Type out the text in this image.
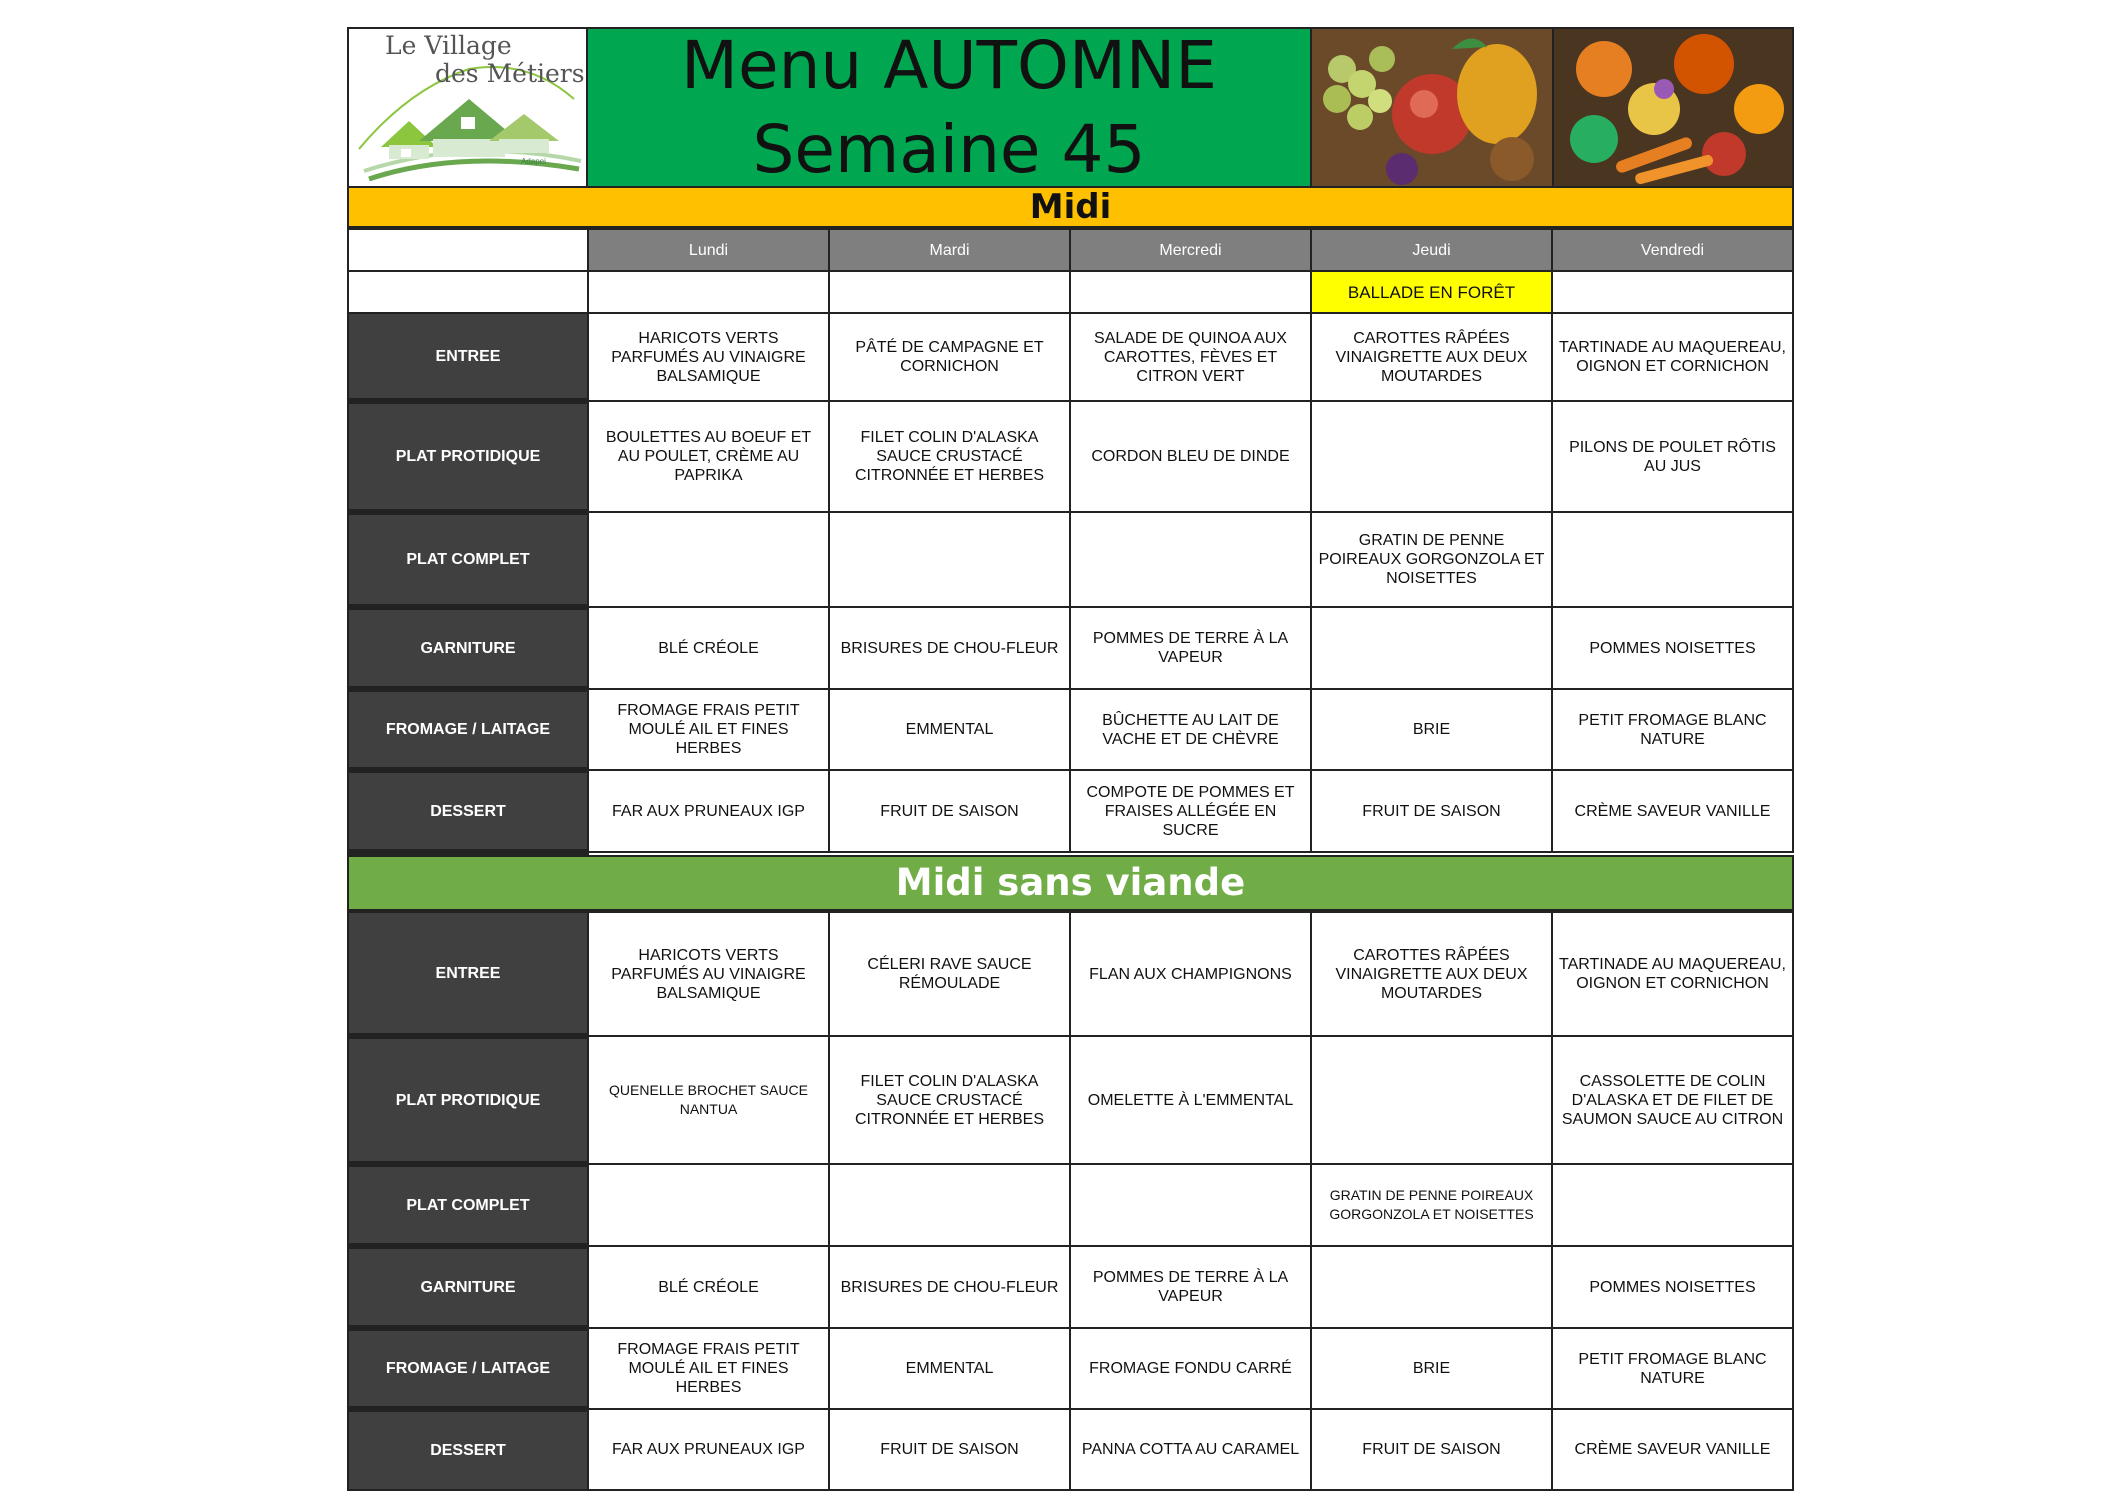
Le Village
des Métiers
Adapei
Menu AUTOMNE
Semaine 45
Midi
	Lundi	Mardi	Mercredi	Jeudi	Vendredi
				BALLADE EN FORÊT	
ENTREE	HARICOTS VERTS PARFUMÉS AU VINAIGRE BALSAMIQUE	PÂTÉ DE CAMPAGNE ET CORNICHON	SALADE DE QUINOA AUX CAROTTES, FÈVES ET CITRON VERT	CAROTTES RÂPÉES VINAIGRETTE AUX DEUX MOUTARDES	TARTINADE AU MAQUEREAU, OIGNON ET CORNICHON
PLAT PROTIDIQUE	BOULETTES AU BOEUF ET AU POULET, CRÈME AU PAPRIKA	FILET COLIN D'ALASKA SAUCE CRUSTACÉ CITRONNÉE ET HERBES	CORDON BLEU DE DINDE		PILONS DE POULET RÔTIS AU JUS
PLAT COMPLET				GRATIN DE PENNE POIREAUX GORGONZOLA ET NOISETTES	
GARNITURE	BLÉ CRÉOLE	BRISURES DE CHOU-FLEUR	POMMES DE TERRE À LA VAPEUR		POMMES NOISETTES
FROMAGE / LAITAGE	FROMAGE FRAIS PETIT MOULÉ AIL ET FINES HERBES	EMMENTAL	BÛCHETTE AU LAIT DE VACHE ET DE CHÈVRE	BRIE	PETIT FROMAGE BLANC NATURE
DESSERT	FAR AUX PRUNEAUX IGP	FRUIT DE SAISON	COMPOTE DE POMMES ET FRAISES ALLÉGÉE EN SUCRE	FRUIT DE SAISON	CRÈME SAVEUR VANILLE
Midi sans viande
ENTREE	HARICOTS VERTS PARFUMÉS AU VINAIGRE BALSAMIQUE	CÉLERI RAVE SAUCE RÉMOULADE	FLAN AUX CHAMPIGNONS	CAROTTES RÂPÉES VINAIGRETTE AUX DEUX MOUTARDES	TARTINADE AU MAQUEREAU, OIGNON ET CORNICHON
PLAT PROTIDIQUE	QUENELLE BROCHET SAUCE NANTUA	FILET COLIN D'ALASKA SAUCE CRUSTACÉ CITRONNÉE ET HERBES	OMELETTE À L'EMMENTAL		CASSOLETTE DE COLIN D'ALASKA ET DE FILET DE SAUMON SAUCE AU CITRON
PLAT COMPLET				GRATIN DE PENNE POIREAUX GORGONZOLA ET NOISETTES	
GARNITURE	BLÉ CRÉOLE	BRISURES DE CHOU-FLEUR	POMMES DE TERRE À LA VAPEUR		POMMES NOISETTES
FROMAGE / LAITAGE	FROMAGE FRAIS PETIT MOULÉ AIL ET FINES HERBES	EMMENTAL	FROMAGE FONDU CARRÉ	BRIE	PETIT FROMAGE BLANC NATURE
DESSERT	FAR AUX PRUNEAUX IGP	FRUIT DE SAISON	PANNA COTTA AU CARAMEL	FRUIT DE SAISON	CRÈME SAVEUR VANILLE
